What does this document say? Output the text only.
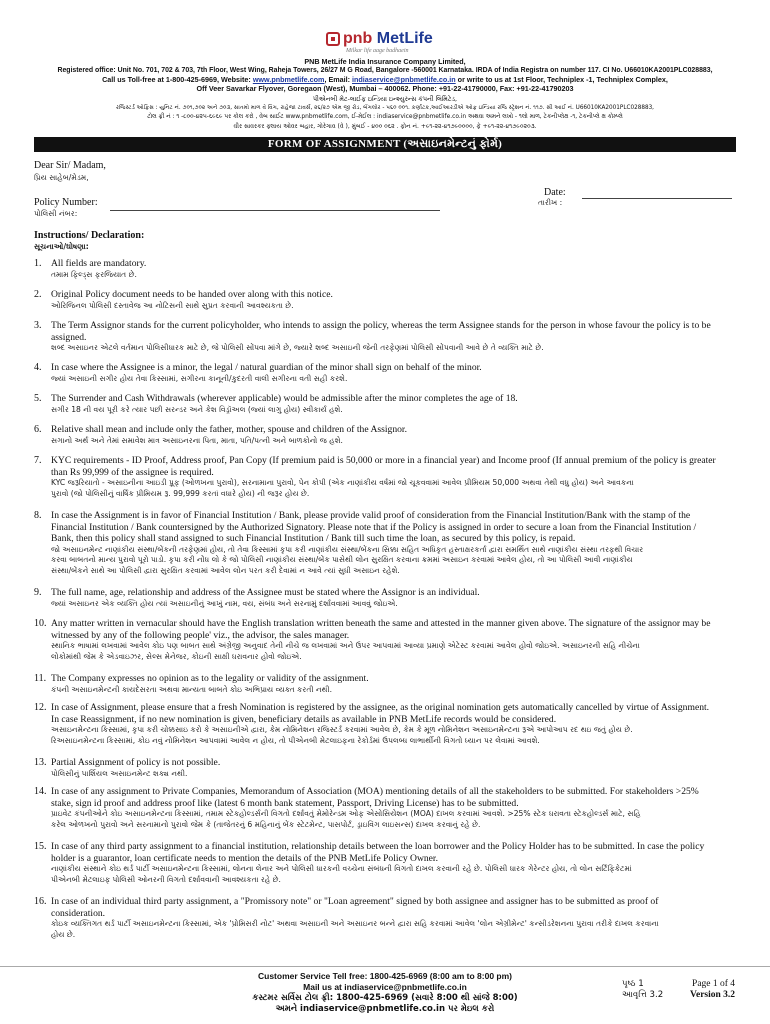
pnb MetLife
Milkar life aage badhaein
PNB MetLife India Insurance Company Limited,
Registered office: Unit No. 701, 702 & 703, 7th Floor, West Wing, Raheja Towers, 26/27 M G Road, Bangalore -560001 Karnataka. IRDA of India Registra on number 117. CI No. U66010KA2001PLC028883,
Call us Toll-free at 1-800-425-6969, Website: www.pnbmetlife.com, Email: indiaservice@pnbmetlife.co.in or write to us at 1st Floor, Techniplex -1, Techniplex Complex,
Off Veer Savarkar Flyover, Goregaon (West), Mumbai – 400062. Phone: +91-22-41790000, Fax: +91-22-41790203
પીએનબી મેટ-લાઈફ ઇન્ડિયા ઇન્શ્યુરન્સ કંપની લિમિટેડ,
રજિસ્ટર્ડ ઓફિસ : યુનિટ નં. ૭૦૧,૭૦૨ અને ૭૦૩, સાતમો માળ વે વિંગ, રાહેજા ટાવર્સ, ૨૬/૨૭ એમ જી રોડ, બેંગલોર - ૫૬૦ ૦૦૧. કર્ણાટક,આઈઆરડીએ ઓફ ઇન્ડિયા રજિ સ્ટ્રેશન નં. ૧૧૭. સી આઈ નં. U66010KA2001PLC028883,
ટોલ ફ્રી નં : ૧ -૮૦૦-૪૨૫-૬૯૬૯ પર કોલ કરો , વેબ સાઈટ www.pnbmetlife.com, ઈ-મેઈલ : indiaservice@pnbmetlife.co.in અથવા અમને લખો - ૧લો માળ, ટેકનીપ્લેક્ષ -૧, ટેકનીપ્લે ક્ષ કોમ્પ્લે
વીર સાવરકર ફ્લાય ઓવર બહાર, ગોરેગાવ (વે ), મુંબઈ - ૪૦૦ ૦૬૨ . ફોન નં. +૯૧-૨૨-૪૧૭૯૦૦૦૦, ફે +૯૧-૨૨-૪૧૭૯૦૨૦૩.
FORM OF ASSIGNMENT (અસાઇનમેન્ટનું ફોર્મ)
Dear Sir/ Madam,
પ્રિય સાહેબ/મેડમ,
Date:
તારીખ :
Policy Number:
પોલિસી નંબર:
Instructions/ Declaration:
સૂચનાઓ/ઘોષણા:
1. All fields are mandatory.

તમામ ફિલ્ડ્સ ફરજિયાત છે.

2. Original Policy document needs to be handed over along with this notice.

ઓરિજિનલ પોલિસી દસ્તાવેજ આ નોટિસની સાથે સુપ્રત કરવાની આવશ્યકતા છે.

3. The Term Assignor stands for the current policyholder, who intends to assign the policy, whereas the term Assignee stands for the person in whose favour the policy is to be

assigned.

શબ્દ અસાઇનર એટલે વર્તમાન પોલિસીધારક માટે છે, જે પોલિસી સોંપવા માંગે છે, જ્યારે શબ્દ અસાઇની જેની તરફેણમાં પોલિસી સોંપવાની આવે છે તે વ્યક્તિ માટે છે.

4. In case where the Assignee is a minor, the legal / natural guardian of the minor shall sign on behalf of the minor.

જ્યાં અસાઇની સગીર હોય તેવા કિસ્સામાં, સગીરના કાનૂની/કુદરતી વાલી સગીરના વતી સહી કરશે.

5. The Surrender and Cash Withdrawals (wherever applicable) would be admissible after the minor completes the age of 18.

સગીર 18 ની વય પૂરી કરે ત્યાર પછી સરન્ડર અને કેશ વિડ્રૉઅલ (જ્યાં લાગુ હોય) સ્વીકાર્ય હશે.

6. Relative shall mean and include only the father, mother, spouse and children of the Assignor.

સગાનો અર્થ અને તેમાં સમાવેશ માત્ર અસાઇનરના પિતા, માતા, પતિ/પત્ની અને બાળકોનો જ હશે.

7. KYC requirements - ID Proof, Address proof, Pan Copy (If premium paid is 50,000 or more in a financial year) and Income proof (If annual premium of the policy is greater

than Rs 99,999 of the assignee is required.

KYC જરૂરિયાતો - અસાઇનીના આઇડી પ્રૂફ (ઓળખના પુરાવો), સરનામાના પુરાવો, પેન કોપી (એક નાણાંકીય વર્ષમાં જો ચૂકવવામાં આવેલ પ્રીમિયમ 50,000 અથવા તેથી વધુ હોય) અને આવકના

પુરાવો (જો પોલિસીનું વાર્ષિક પ્રીમિયમ રૂ. 99,999 કરતાં વધારે હોય) ની જરૂર હોય છે.

8. In case the Assignment is in favor of Financial Institution / Bank, please provide valid proof of consideration from the Financial Institution/Bank with the stamp of the

Financial Institution / Bank countersigned by the Authorized Signatory. Please note that if the Policy is assigned in order to secure a loan from the Financial Institution /

Bank, then this policy shall stand assigned to such Financial Institution / Bank till such time the loan, as secured by this policy, is repaid.

જો અસાઇનમેન્ટ નાણાંકીય સંસ્થા/બેંકની તરફેણમાં હોય, તો તેવા કિસ્સામાં કૃપા કરી નાણાંકીય સંસ્થા/બેંકના સિક્કા સહિત અધિકૃત હસ્તાક્ષરકર્તા દ્વારા સમર્થિત સાથે નાણાંકીય સંસ્થા તરફથી વિચાર

કરવા બાબતનો માન્ય પુરાવો પૂરો પાડો. કૃપા કરી નોંધ લો કે જો પોલિસી નાણાંકીય સંસ્થા/બેંક પાસેથી લોન સુરક્ષિત કરવાના ક્રમમાં અસાઇન કરવામાં આવેલ હોય, તો આ પોલિસી આવી નાણાંકીય

સંસ્થા/બેંકને સાથે આ પોલિસી દ્વારા સુરક્ષિત કરવામાં આવેલ લોન પરત કરી દેવામાં ન આવે ત્યાં સુધી અસાઇન રહેશે.

9. The full name, age, relationship and address of the Assignee must be stated where the Assignor is an individual.

જ્યાં અસાઇનર એક વ્યક્તિ હોય ત્યાં અસાઇનીનું આખું નામ, વય, સંબંધ અને સરનામું દર્શાવવામાં આવવું જોઇએ.

10. Any matter written in vernacular should have the English translation written beneath the same and attested in the manner given above. The signature of the assignor may be

witnessed by any of the following people' viz., the advisor, the sales manager.

સ્થાનિક ભાષામાં લખવામાં આવેલ કોઇ પણ બાબત સાથે અંગ્રેજી અનુવાદ તેની નીચે જ લખવામાં અને ઉપર આપવામાં આવ્યા પ્રમાણે એટેસ્ટ કરવામાં આવેલ હોવો જોઇએ. અસાઇનરની સહિ નીચેના

લોકોમાંથી જેમ કે એડવાઇઝર, સેલ્સ મેનેજર, કોઇની સાક્ષી ધરાવનાર હોવો જોઇએ.

11. The Company expresses no opinion as to the legality or validity of the assignment.

કંપની અસાઇનમેન્ટની કાયદેસરતા અથવા માન્યતા બાબતે કોઇ અભિપ્રાય વ્યક્ત કરતી નથી.

12. In case of Assignment, please ensure that a fresh Nomination is registered by the assignee, as the original nomination gets automatically cancelled by virtue of Assignment.

In case Reassignment, if no new nomination is given, beneficiary details as available in PNB MetLife records would be considered.

અસાઇનમેન્ટના કિસ્સામાં, કૃપા કરી ચોક્કસાઇ કરો કે અસાઇનીએ દ્વારા, કેમ નોમિનેશન રજિસ્ટર્ડ કરવામાં આવેલ છે, કેમ કે મૂળ નોમિનેશન અસાઇનમેન્ટના રૂએ આપોઆપ રદ થઇ જતું હોય છે.

રિઅસાઇનમેન્ટના કિસ્સામાં, કોઇ નવું નોમિનેશન આપવામાં આવેલ ન હોય, તો પીએનબી મેટલાઇફના રેકોર્ડમાં ઉપલબ્ધ લાભાર્થીની વિગતો ધ્યાન પર લેવામાં આવશે.

13. Partial Assignment of policy is not possible.

પોલિસીનું પાર્શિયલ અસાઇનમેન્ટ શક્ય નથી.

14. In case of any assignment to Private Companies, Memorandum of Association (MOA) mentioning details of all the stakeholders to be submitted. For stakeholders >25%

stake, sign id proof and address proof like (latest 6 month bank statement, Passport, Driving License) has to be submitted.

પ્રાઇવેટ કંપનીઓને કોઇ અસાઇનમેન્ટના કિસ્સામાં, તમામ સ્ટેકહોલ્ડર્સની વિગતો દર્શાવતું મેમોરેન્ડમ ઓફ એસોસિયેશન (MOA) દાખલ કરવામાં આવશે. >25% સ્ટેક ધરાવતા સ્ટેકહોલ્ડર્સ માટે, સહિ

કરેલ ઓળખનો પુરાવો અને સરનામાનો પુરાવો જેમ કે (તાજેતરનું 6 મહિનાનું બેંક સ્ટેટમેન્ટ, પાસપોર્ટ, ડ્રાઇવિંગ લાઇસન્સ) દાખલ કરવાનું રહે છે.

15. In case of any third party assignment to a financial institution, relationship details between the loan borrower and the Policy Holder has to be submitted. In case the policy

holder is a guarantor, loan certificate needs to mention the details of the PNB MetLife Policy Owner.

નાણાંકીય સંસ્થાને કોઇ થર્ડ પાર્ટી અસાઇનમેન્ટના કિસ્સામાં, લોનના લેનાર અને પોલિસી ધારકની વચ્ચેના સંબંધની વિગતો દાખલ કરવાની રહે છે. પોલિસી ધારક ગેરેન્ટર હોય, તો લોન સર્ટિફિકેટમાં

પીએનબી મેટલાઇફ પોલિસી ઓનરની વિગતો દર્શાવવાની આવશ્યકતા રહે છે.

16. In case of an individual third party assignment, a "Promissory note" or "Loan agreement" signed by both assignee and assigner has to be submitted as proof of

consideration.

કોઇક વ્યક્તિગત થર્ડ પાર્ટી અસાઇનમેન્ટના કિસ્સામાં, એક 'પ્રોમિસરી નોટ' અથવા અસાઇની અને અસાઇનર બન્ને દ્વારા સહિ કરવામાં આવેલ 'લોન એગ્રીમેન્ટ' કન્સીડરેશનના પુરાવા તરીકે દાખલ કરવાના

હોય છે.

Customer Service Tell free: 1800-425-6969 (8:00 am to 8:00 pm)
Mail us at indiaservice@pnbmetlife.co.in
કસ્ટમર સર્વિસ ટોલ ફ્રી: 1800-425-6969 (સવારે 8:00 થી સાંજે 8:00)
અમને indiaservice@pnbmetlife.co.in પર મેઇલ કરો
પૃષ્ઠ 1
આવૃત્તિ 3.2
Page 1 of 4
Version 3.2
